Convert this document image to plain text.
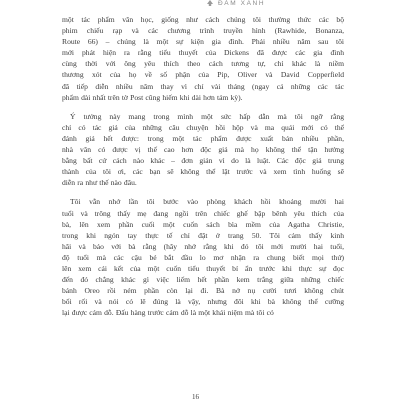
ĐÁM XANH
một tác phẩm văn học, giống như cách chúng tôi thường thức các bộ
phim chiếu rạp và các chương trình truyền hình (Rawhide, Bonanza,
Route 66) – chúng là một sự kiện gia đình. Phải nhiều năm sau tôi
mới phát hiện ra rằng tiểu thuyết của Dickens đã được các gia đình
cùng thời với ông yêu thích theo cách tương tự, chỉ khác là niềm
thương xót của họ về số phận của Pip, Oliver và David Copperfield
đã tiếp diễn nhiều năm thay vì chỉ vài tháng (ngay cả những các tác
phẩm dài nhất trên tờ Post cũng hiếm khi dài hơn tám kỳ).
Ý tưởng này mang trong mình một sức hấp dẫn mà tôi ngỡ rằng
chỉ có tác giả của những câu chuyện hồi hộp và ma quái mới có thể
đánh giá hết được: trong một tác phẩm được xuất bản nhiều phần,
nhà văn có được vị thế cao hơn độc giả mà họ không thể tận hưởng
bằng bất cứ cách nào khác – đơn giản vì do là luật. Các độc giả trung
thành của tôi ơi, các bạn sẽ không thể lật trước và xem tình huống sẽ
diễn ra như thế nào đâu.
Tôi vẫn nhớ lần tôi bước vào phòng khách hồi khoảng mười hai
tuổi và trông thấy mẹ đang ngồi trên chiếc ghế bập bênh yêu thích của
bà, lên xem phần cuối một cuốn sách bìa mềm của Agatha Christie,
trong khi ngón tay thực tế chỉ đặt ở trang 50. Tôi cảm thấy kinh
hãi và bảo với bà rằng (hãy nhớ rằng khi đó tôi mới mười hai tuổi,
độ tuổi mà các cậu bé bắt đầu lo mơ nhận ra chung biết mọi thứ)
lên xem cái kết của một cuốn tiểu thuyết bí ẩn trước khi thực sự đọc
đến đó chẳng khác gì việc liếm hết phần kem trắng giữa những chiếc
bánh Oreo rồi ném phần còn lại đi. Bà nở nụ cười tươi không chút
bối rối và nói có lẽ đúng là vậy, nhưng đôi khi bà không thể cưỡng
lại được cám dỗ. Đấu hàng trước cám dỗ là một khái niệm mà tôi có
16
